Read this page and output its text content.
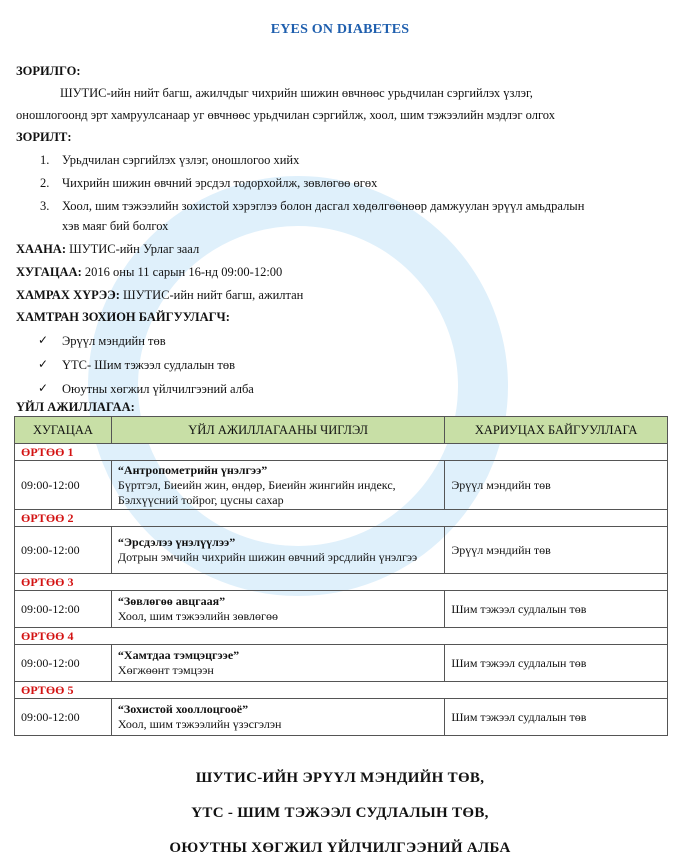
EYES ON DIABETES
ЗОРИЛГО:
ШУТИС-ийн нийт багш, ажилчдыг чихрийн шижин өвчнөөс урьдчилан сэргийлэх үзлэг,
оношлогоонд эрт хамруулсанаар уг өвчнөөс урьдчилан сэргийлж, хоол, шим тэжээлийн мэдлэг олгох
ЗОРИЛТ:
1. Урьдчилан сэргийлэх үзлэг, оношлогоо хийх
2. Чихрийн шижин өвчний эрсдэл тодорхойлж, зөвлөгөө өгөх
3. Хоол, шим тэжээлийн зохистой хэрэглээ болон дасгал хөдөлгөөнөөр дамжуулан эрүүл амьдралын
хэв маяг бий болгох
ХААНА: ШУТИС-ийн Урлаг заал
ХУГАЦАА: 2016 оны 11 сарын 16-нд 09:00-12:00
ХАМРАХ ХҮРЭЭ: ШУТИС-ийн нийт багш, ажилтан
ХАМТРАН ЗОХИОН БАЙГУУЛАГЧ:
✓ Эрүүл мэндийн төв
✓ ҮТС- Шим тэжээл судлалын төв
✓ Оюутны хөгжил үйлчилгээний алба
ҮЙЛ АЖИЛЛАГАА:
ХУГАЦАА	ҮЙЛ АЖИЛЛАГААНЫ ЧИГЛЭЛ	ХАРИУЦАХ БАЙГУУЛЛАГА
ӨРТӨӨ 1		
09:00-12:00	“Антропометрийн үнэлгээ”
Бүртгэл, Биеийн жин, өндөр, Биеийн жингийн индекс, Бэлхүүсний тойрог, цусны сахар	Эрүүл мэндийн төв
ӨРТӨӨ 2		
09:00-12:00	“Эрсдэлээ үнэлүүлээ”
Дотрын эмчийн чихрийн шижин өвчний эрсдлийн үнэлгээ	Эрүүл мэндийн төв
ӨРТӨӨ 3		
09:00-12:00	“Зөвлөгөө авцгаая”
Хоол, шим тэжээлийн зөвлөгөө	Шим тэжээл судлалын төв
ӨРТӨӨ 4		
09:00-12:00	“Хамтдаа тэмцэцгээе”
Хөгжөөнт тэмцээн	Шим тэжээл судлалын төв
ӨРТӨӨ 5		
09:00-12:00	“Зохистой хооллоцгооё”
Хоол, шим тэжээлийн үзэсгэлэн	Шим тэжээл судлалын төв
ШУТИС-ИЙН ЭРҮҮЛ МЭНДИЙН ТӨВ,
ҮТС - ШИМ ТЭЖЭЭЛ СУДЛАЛЫН ТӨВ,
ОЮУТНЫ ХӨГЖИЛ ҮЙЛЧИЛГЭЭНИЙ АЛБА
